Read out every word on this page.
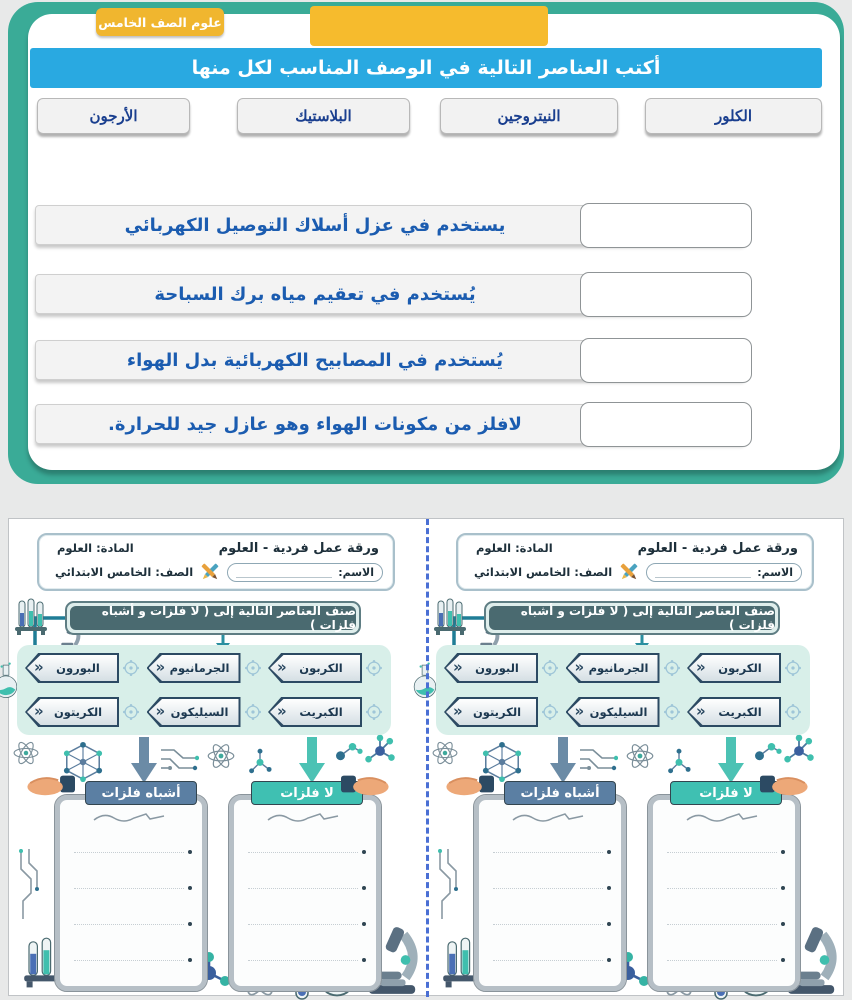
علوم الصف الخامس
أكتب العناصر التالية في الوصف المناسب لكل منها
الأرجون	البلاستيك	النيتروجين	الكلور
يستخدم في عزل أسلاك التوصيل الكهربائي
يُستخدم في تعقيم مياه برك السباحة
يُستخدم في المصابيح الكهربائية بدل الهواء
لافلز من مكونات الهواء وهو عازل جيد للحرارة.
ورقة عمل فردية - العلوم
المادة: العلوم
الاسم:
الصف: الخامس الابتدائي
صنف العناصر التالية إلى ( لا فلزات و أشباه فلزات )
«	الكربون
« الجرمانيوم
«	البورون
«	الكبريت
« السيليكون
« الكريتون
أشباه فلزات	لا فلزات
ورقة عمل فردية - العلوم
المادة: العلوم
الاسم:
الصف: الخامس الابتدائي
صنف العناصر التالية إلى ( لا فلزات و أشباه فلزات )
«	الكربون
« الجرمانيوم
«	البورون
«	الكبريت
« السيليكون
« الكريتون
أشباه فلزات	لا فلزات
